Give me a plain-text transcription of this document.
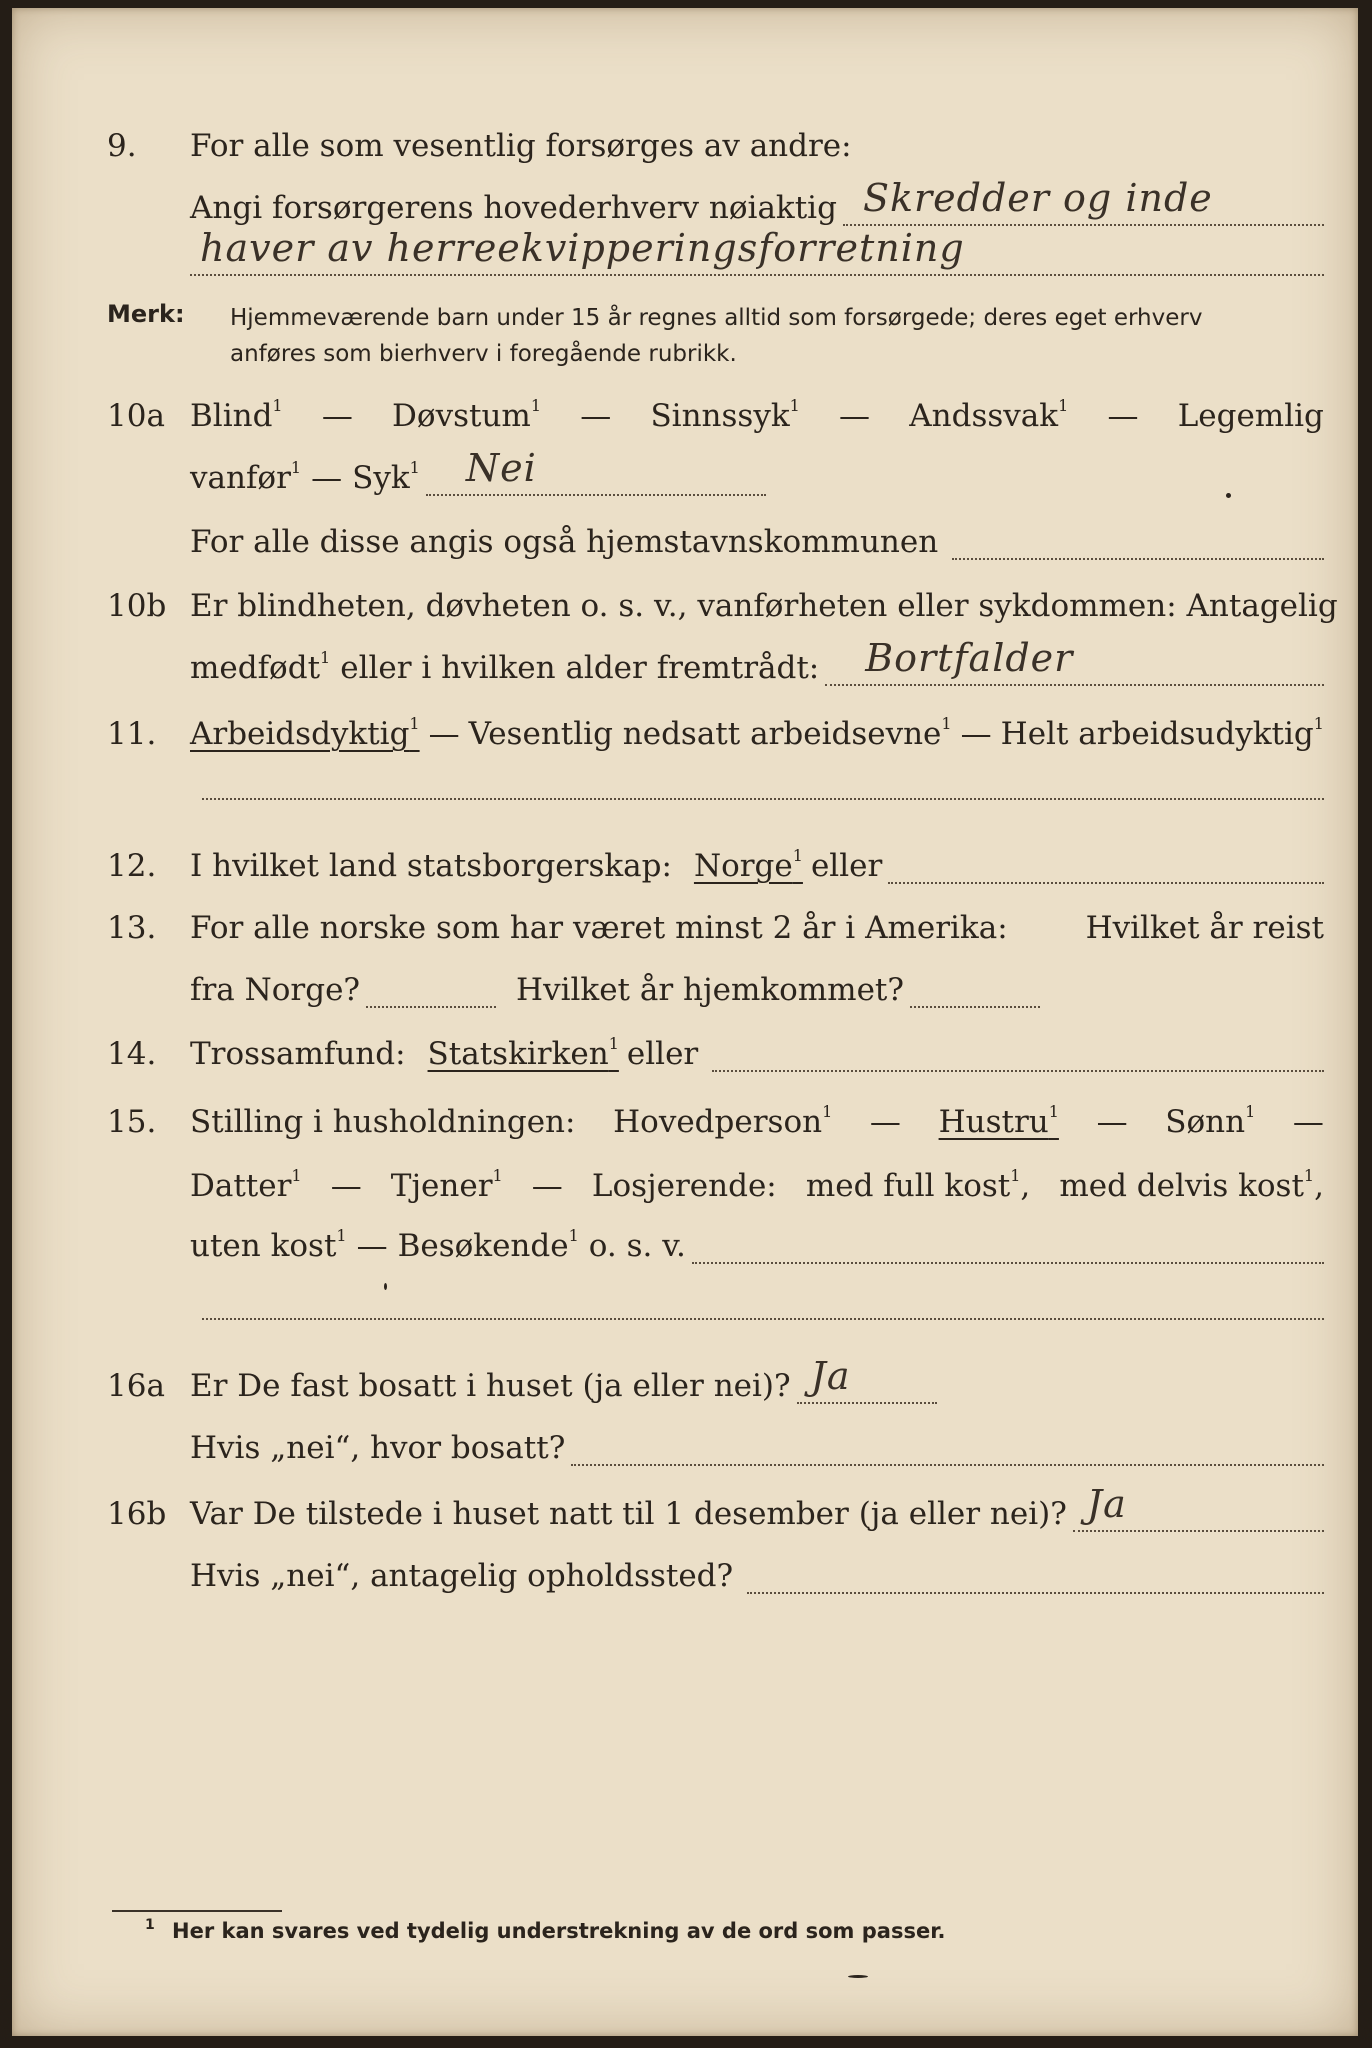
9. For alle som vesentlig forsørges av andre:
Angi forsørgerens hovederhverv nøiaktig Skredder og inde
haver av herreekvipperingsforretning
Merk: Hjemmeværende barn under 15 år regnes alltid som forsørgede; deres eget erhverv
anføres som bierhverv i foregående rubrikk.
10a Blind$^1$ — Døvstum$^1$ — Sinnssyk$^1$ — Andssvak$^1$ — Legemlig
vanfør$^1$ — Syk$^1$ Nei
For alle disse angis også hjemstavnskommunen
10b Er blindheten, døvheten o. s. v., vanførheten eller sykdommen: Antagelig
medfødt$^1$ eller i hvilken alder fremtrådt: Bortfalder
11. Arbeidsdyktig$^1$ — Vesentlig nedsatt arbeidsevne$^1$ — Helt arbeidsudyktig$^1$
12. I hvilket land statsborgerskap: Norge$^1$ eller
13. For alle norske som har været minst 2 år i Amerika:	Hvilket år reist
fra Norge?	Hvilket år hjemkommet?
14. Trossamfund: Statskirken$^1$ eller
15. Stilling i husholdningen: Hovedperson$^1$ — Hustru$^1$ — Sønn$^1$ —
Datter$^1$ — Tjener$^1$ — Losjerende: med full kost$^1$, med delvis kost$^1$,
uten kost$^1$ — Besøkende$^1$ o. s. v.
16a Er De fast bosatt i huset (ja eller nei)? Ja
Hvis „nei“, hvor bosatt?
16b Var De tilstede i huset natt til 1 desember (ja eller nei)? Ja
Hvis „nei“, antagelig opholdssted?
1 Her kan svares ved tydelig understrekning av de ord som passer.
